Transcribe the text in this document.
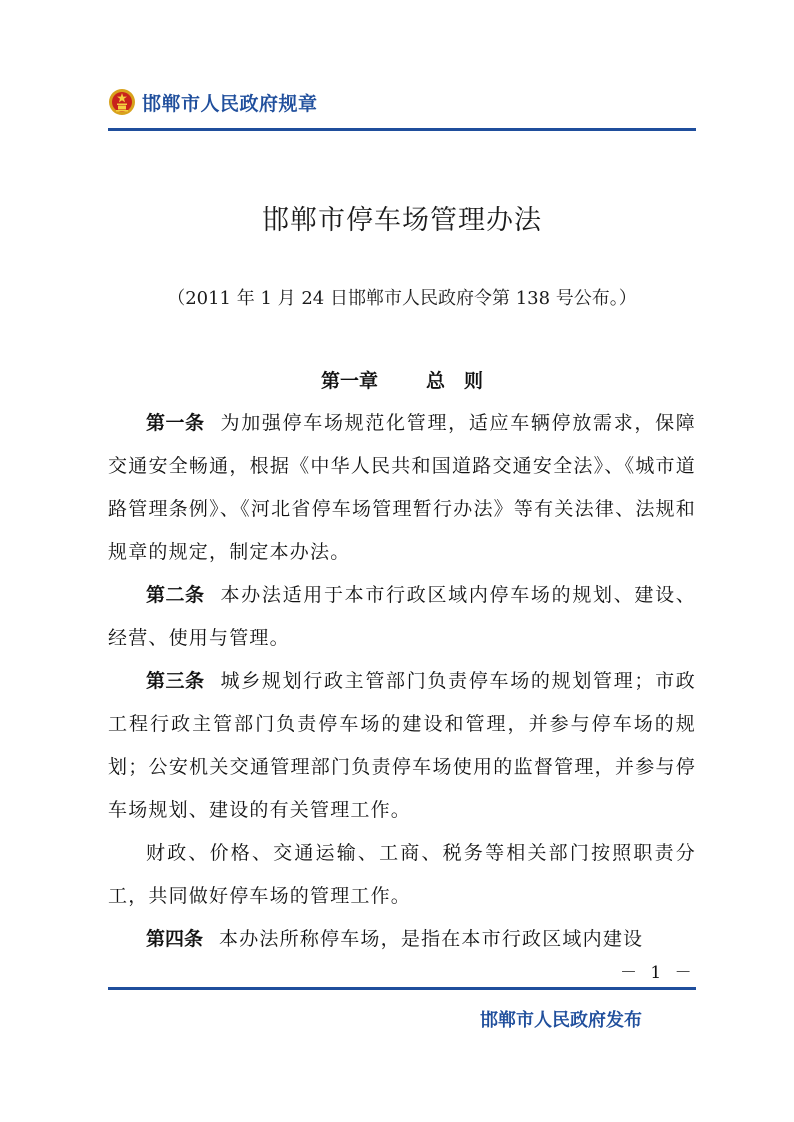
邯郸市人民政府规章
邯郸市停车场管理办法
（2011 年 1 月 24 日邯郸市人民政府令第 138 号公布。）
第一章	总　则

第一条 为加强停车场规范化管理，适应车辆停放需求，保障交通安全畅通，根据《中华人民共和国道路交通安全法》、《城市道路管理条例》、《河北省停车场管理暂行办法》等有关法律、法规和规章的规定，制定本办法。

第二条 本办法适用于本市行政区域内停车场的规划、建设、经营、使用与管理。

第三条 城乡规划行政主管部门负责停车场的规划管理；市政工程行政主管部门负责停车场的建设和管理，并参与停车场的规划；公安机关交通管理部门负责停车场使用的监督管理，并参与停车场规划、建设的有关管理工作。

财政、价格、交通运输、工商、税务等相关部门按照职责分工，共同做好停车场的管理工作。

第四条 本办法所称停车场，是指在本市行政区域内建设

－ 1 －
邯郸市人民政府发布
